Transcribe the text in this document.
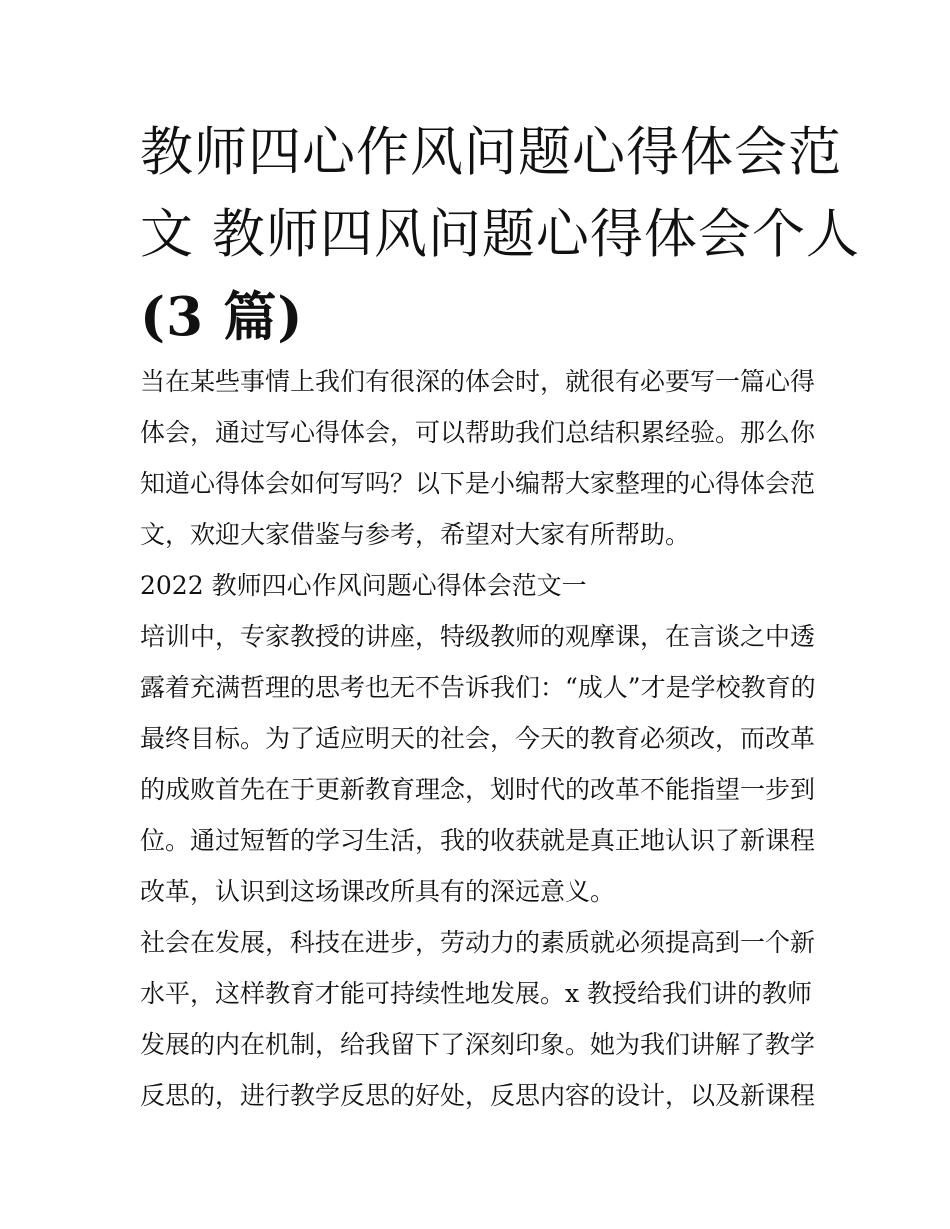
教师四心作风问题心得体会范
文 教师四风问题心得体会个人
(3 篇)

当在某些事情上我们有很深的体会时，就很有必要写一篇心得
体会，通过写心得体会，可以帮助我们总结积累经验。那么你
知道心得体会如何写吗？以下是小编帮大家整理的心得体会范
文，欢迎大家借鉴与参考，希望对大家有所帮助。

2022 教师四心作风问题心得体会范文一

培训中，专家教授的讲座，特级教师的观摩课，在言谈之中透
露着充满哲理的思考也无不告诉我们：“成人”才是学校教育的
最终目标。为了适应明天的社会，今天的教育必须改，而改革
的成败首先在于更新教育理念，划时代的改革不能指望一步到
位。通过短暂的学习生活，我的收获就是真正地认识了新课程
改革，认识到这场课改所具有的深远意义。

社会在发展，科技在进步，劳动力的素质就必须提高到一个新
水平，这样教育才能可持续性地发展。x 教授给我们讲的教师
发展的内在机制，给我留下了深刻印象。她为我们讲解了教学
反思的，进行教学反思的好处，反思内容的设计，以及新课程
